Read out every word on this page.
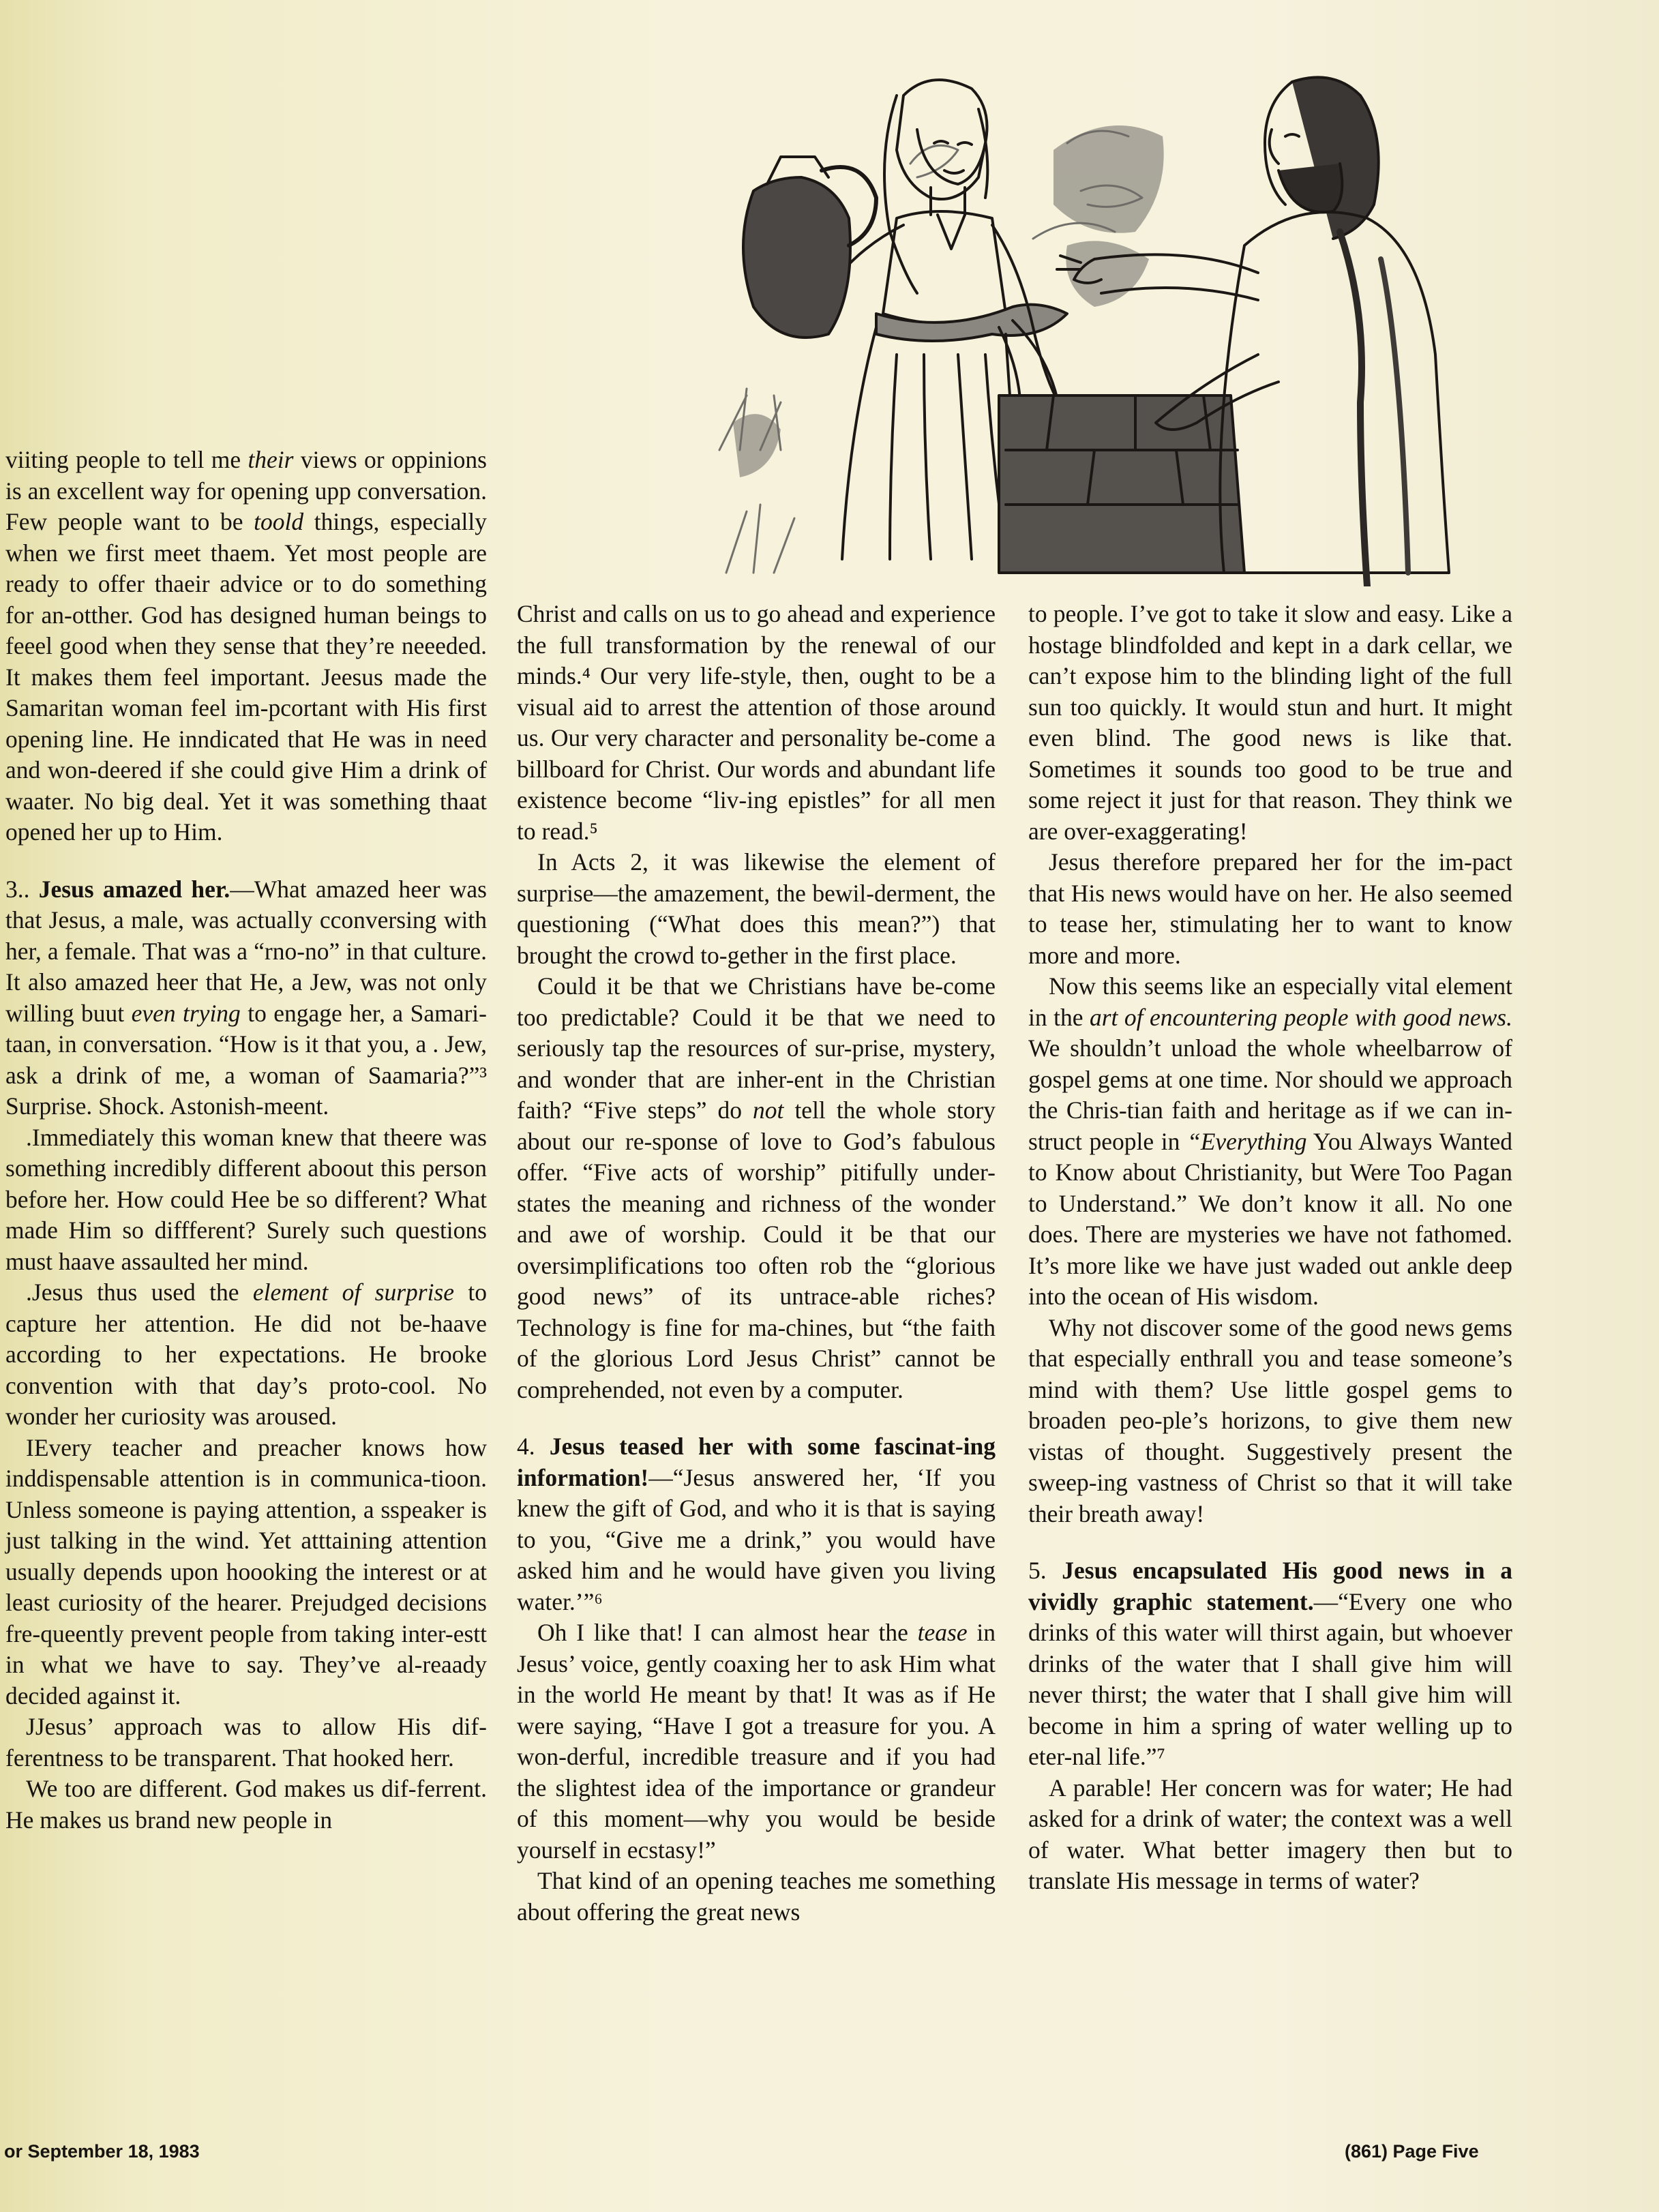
viiting people to tell me their views or oppinions is an excellent way for opening upp conversation. Few people want to be toold things, especially when we first meet thaem. Yet most people are ready to offer thaeir advice or to do something for an-otther. God has designed human beings to feeel good when they sense that they’re neeeded. It makes them feel important. Jeesus made the Samaritan woman feel im-pcortant with His first opening line. He inndicated that He was in need and won-deered if she could give Him a drink of waater. No big deal. Yet it was something thaat opened her up to Him.

3.. Jesus amazed her.—What amazed heer was that Jesus, a male, was actually cconversing with her, a female. That was a “rno-no” in that culture. It also amazed heer that He, a Jew, was not only willing buut even trying to engage her, a Samari-taan, in conversation. “How is it that you, a . Jew, ask a drink of me, a woman of Saamaria?”³ Surprise. Shock. Astonish-meent.

.Immediately this woman knew that theere was something incredibly different aboout this person before her. How could Hee be so different? What made Him so diffferent? Surely such questions must haave assaulted her mind.

.Jesus thus used the element of surprise to capture her attention. He did not be-haave according to her expectations. He brooke convention with that day’s proto-cool. No wonder her curiosity was aroused.

IEvery teacher and preacher knows how inddispensable attention is in communica-tioon. Unless someone is paying attention, a sspeaker is just talking in the wind. Yet atttaining attention usually depends upon hoooking the interest or at least curiosity of the hearer. Prejudged decisions fre-queently prevent people from taking inter-estt in what we have to say. They’ve al-reaady decided against it.

JJesus’ approach was to allow His dif-ferentness to be transparent. That hooked herr.

We too are different. God makes us dif-ferrent. He makes us brand new people in

Christ and calls on us to go ahead and experience the full transformation by the renewal of our minds.⁴ Our very life-style, then, ought to be a visual aid to arrest the attention of those around us. Our very character and personality be-come a billboard for Christ. Our words and abundant life existence become “liv-ing epistles” for all men to read.⁵

In Acts 2, it was likewise the element of surprise—the amazement, the bewil-derment, the questioning (“What does this mean?”) that brought the crowd to-gether in the first place.

Could it be that we Christians have be-come too predictable? Could it be that we need to seriously tap the resources of sur-prise, mystery, and wonder that are inher-ent in the Christian faith? “Five steps” do not tell the whole story about our re-sponse of love to God’s fabulous offer. “Five acts of worship” pitifully under-states the meaning and richness of the wonder and awe of worship. Could it be that our oversimplifications too often rob the “glorious good news” of its untrace-able riches? Technology is fine for ma-chines, but “the faith of the glorious Lord Jesus Christ” cannot be comprehended, not even by a computer.

4. Jesus teased her with some fascinat-ing information!—“Jesus answered her, ‘If you knew the gift of God, and who it is that is saying to you, “Give me a drink,” you would have asked him and he would have given you living water.’”⁶

Oh I like that! I can almost hear the tease in Jesus’ voice, gently coaxing her to ask Him what in the world He meant by that! It was as if He were saying, “Have I got a treasure for you. A won-derful, incredible treasure and if you had the slightest idea of the importance or grandeur of this moment—why you would be beside yourself in ecstasy!”

That kind of an opening teaches me something about offering the great news

to people. I’ve got to take it slow and easy. Like a hostage blindfolded and kept in a dark cellar, we can’t expose him to the blinding light of the full sun too quickly. It would stun and hurt. It might even blind. The good news is like that. Sometimes it sounds too good to be true and some reject it just for that reason. They think we are over-exaggerating!

Jesus therefore prepared her for the im-pact that His news would have on her. He also seemed to tease her, stimulating her to want to know more and more.

Now this seems like an especially vital element in the art of encountering people with good news. We shouldn’t unload the whole wheelbarrow of gospel gems at one time. Nor should we approach the Chris-tian faith and heritage as if we can in-struct people in “Everything You Always Wanted to Know about Christianity, but Were Too Pagan to Understand.” We don’t know it all. No one does. There are mysteries we have not fathomed. It’s more like we have just waded out ankle deep into the ocean of His wisdom.

Why not discover some of the good news gems that especially enthrall you and tease someone’s mind with them? Use little gospel gems to broaden peo-ple’s horizons, to give them new vistas of thought. Suggestively present the sweep-ing vastness of Christ so that it will take their breath away!

5. Jesus encapsulated His good news in a vividly graphic statement.—“Every one who drinks of this water will thirst again, but whoever drinks of the water that I shall give him will never thirst; the water that I shall give him will become in him a spring of water welling up to eter-nal life.”⁷

A parable! Her concern was for water; He had asked for a drink of water; the context was a well of water. What better imagery then but to translate His message in terms of water?

or September 18, 1983	(861) Page Five
